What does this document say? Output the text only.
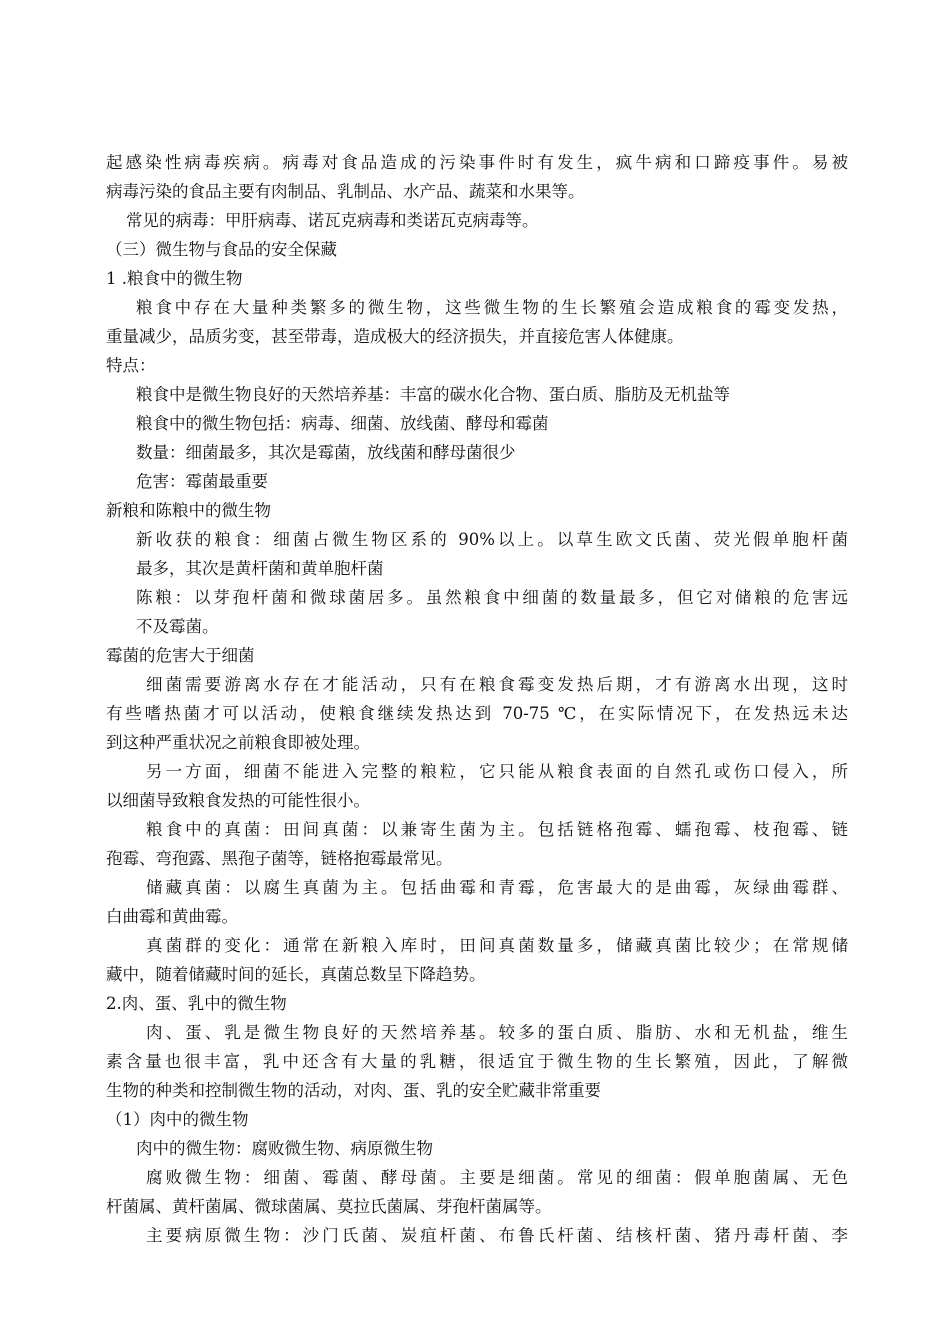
起感染性病毒疾病。病毒对食品造成的污染事件时有发生，疯牛病和口蹄疫事件。易被
病毒污染的食品主要有肉制品、乳制品、水产品、蔬菜和水果等。
常见的病毒：甲肝病毒、诺瓦克病毒和类诺瓦克病毒等。
（三）微生物与食品的安全保藏
1 .粮食中的微生物
粮食中存在大量种类繁多的微生物，这些微生物的生长繁殖会造成粮食的霉变发热，
重量减少，品质劣变，甚至带毒，造成极大的经济损失，并直接危害人体健康。
特点：
粮食中是微生物良好的天然培养基：丰富的碳水化合物、蛋白质、脂肪及无机盐等
粮食中的微生物包括：病毒、细菌、放线菌、酵母和霉菌
数量：细菌最多，其次是霉菌，放线菌和酵母菌很少
危害：霉菌最重要
新粮和陈粮中的微生物
新收获的粮食：细菌占微生物区系的 90%以上。以草生欧文氏菌、荧光假单胞杆菌
最多，其次是黄杆菌和黄单胞杆菌
陈粮：以芽孢杆菌和微球菌居多。虽然粮食中细菌的数量最多，但它对储粮的危害远
不及霉菌。
霉菌的危害大于细菌
细菌需要游离水存在才能活动，只有在粮食霉变发热后期，才有游离水出现，这时
有些嗜热菌才可以活动，使粮食继续发热达到 70-75 ℃，在实际情况下，在发热远未达
到这种严重状况之前粮食即被处理。
另一方面，细菌不能进入完整的粮粒，它只能从粮食表面的自然孔或伤口侵入，所
以细菌导致粮食发热的可能性很小。
粮食中的真菌：田间真菌：以兼寄生菌为主。包括链格孢霉、蠕孢霉、枝孢霉、链
孢霉、弯孢露、黑孢子菌等，链格抱霉最常见。
储藏真菌：以腐生真菌为主。包括曲霉和青霉，危害最大的是曲霉，灰绿曲霉群、
白曲霉和黄曲霉。
真菌群的变化：通常在新粮入库时，田间真菌数量多，储藏真菌比较少；在常规储
藏中，随着储藏时间的延长，真菌总数呈下降趋势。
2.肉、蛋、乳中的微生物
肉、蛋、乳是微生物良好的天然培养基。较多的蛋白质、脂肪、水和无机盐，维生
素含量也很丰富，乳中还含有大量的乳糖，很适宜于微生物的生长繁殖，因此，了解微
生物的种类和控制微生物的活动，对肉、蛋、乳的安全贮藏非常重要
（1）肉中的微生物
肉中的微生物：腐败微生物、病原微生物
腐败微生物：细菌、霉菌、酵母菌。主要是细菌。常见的细菌：假单胞菌属、无色
杆菌属、黄杆菌属、微球菌属、莫拉氏菌属、芽孢杆菌属等。
主要病原微生物：沙门氏菌、炭疽杆菌、布鲁氏杆菌、结核杆菌、猪丹毒杆菌、李
